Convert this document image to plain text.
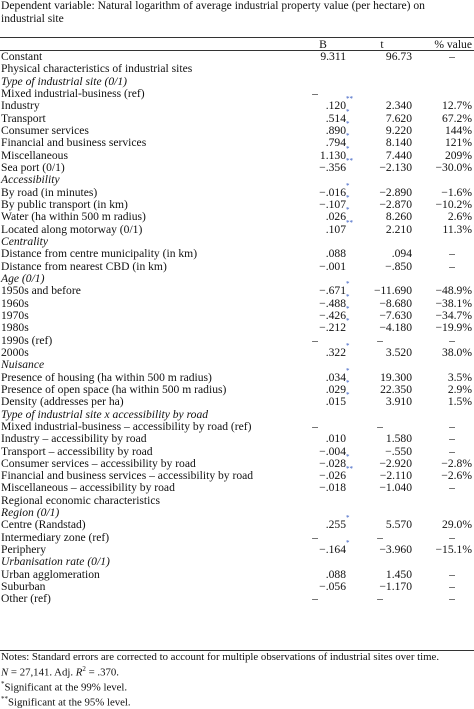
Dependent variable: Natural logarithm of average industrial property value (per hectare) on industrial site
B	t	% value
Constant	9.311	96.73	–
Physical characteristics of industrial sites
Type of industrial site (0/1)
Mixed industrial-business (ref)	–
Industry	.120 **	2.340	12.7%
Transport	.514 *	7.620	67.2%
Consumer services	.890 *	9.220	144%
Financial and business services	.794 *	8.140	121%
Miscellaneous	1.130 *	7.440	209%
Sea port (0/1)	−.356 **	−2.130	−30.0%
Accessibility
By road (in minutes)	−.016 *	−2.890	−1.6%
By public transport (in km)	−.107 *	−2.870	−10.2%
Water (ha within 500 m radius)	.026 *	8.260	2.6%
Located along motorway (0/1)	.107 **	2.210	11.3%
Centrality
Distance from centre municipality (in km)	.088	.094	–
Distance from nearest CBD (in km)	−.001	−.850	–
Age (0/1)
1950s and before	−.671 *	−11.690	−48.9%
1960s	−.488 *	−8.680	−38.1%
1970s	−.426 *	−7.630	−34.7%
1980s	−.212 *	−4.180	−19.9%
1990s (ref)	–	–	–
2000s	.322 *	3.520	38.0%
Nuisance
Presence of housing (ha within 500 m radius)	.034 *	19.300	3.5%
Presence of open space (ha within 500 m radius)	.029 *	22.350	2.9%
Density (addresses per ha)	.015 *	3.910	1.5%
Type of industrial site x accessibility by road
Mixed industrial-business – accessibility by road (ref)	–	–	–
Industry – accessibility by road	.010	1.580	–
Transport – accessibility by road	−.004	−.550	–
Consumer services – accessibility by road	−.028 *	−2.920	−2.8%
Financial and business services – accessibility by road	−.026 **	−2.110	−2.6%
Miscellaneous – accessibility by road	−.018	−1.040	–
Regional economic characteristics
Region (0/1)
Centre (Randstad)	.255 *	5.570	29.0%
Intermediary zone (ref)	–	–	–
Periphery	−.164 *	−3.960	−15.1%
Urbanisation rate (0/1)
Urban agglomeration	.088	1.450	–
Suburban	−.056	−1.170	–
Other (ref)	–	–	–
Notes: Standard errors are corrected to account for multiple observations of industrial sites over time.
N = 27,141. Adj. $R^2 = .370$.
*Significant at the 99% level.
**Significant at the 95% level.
